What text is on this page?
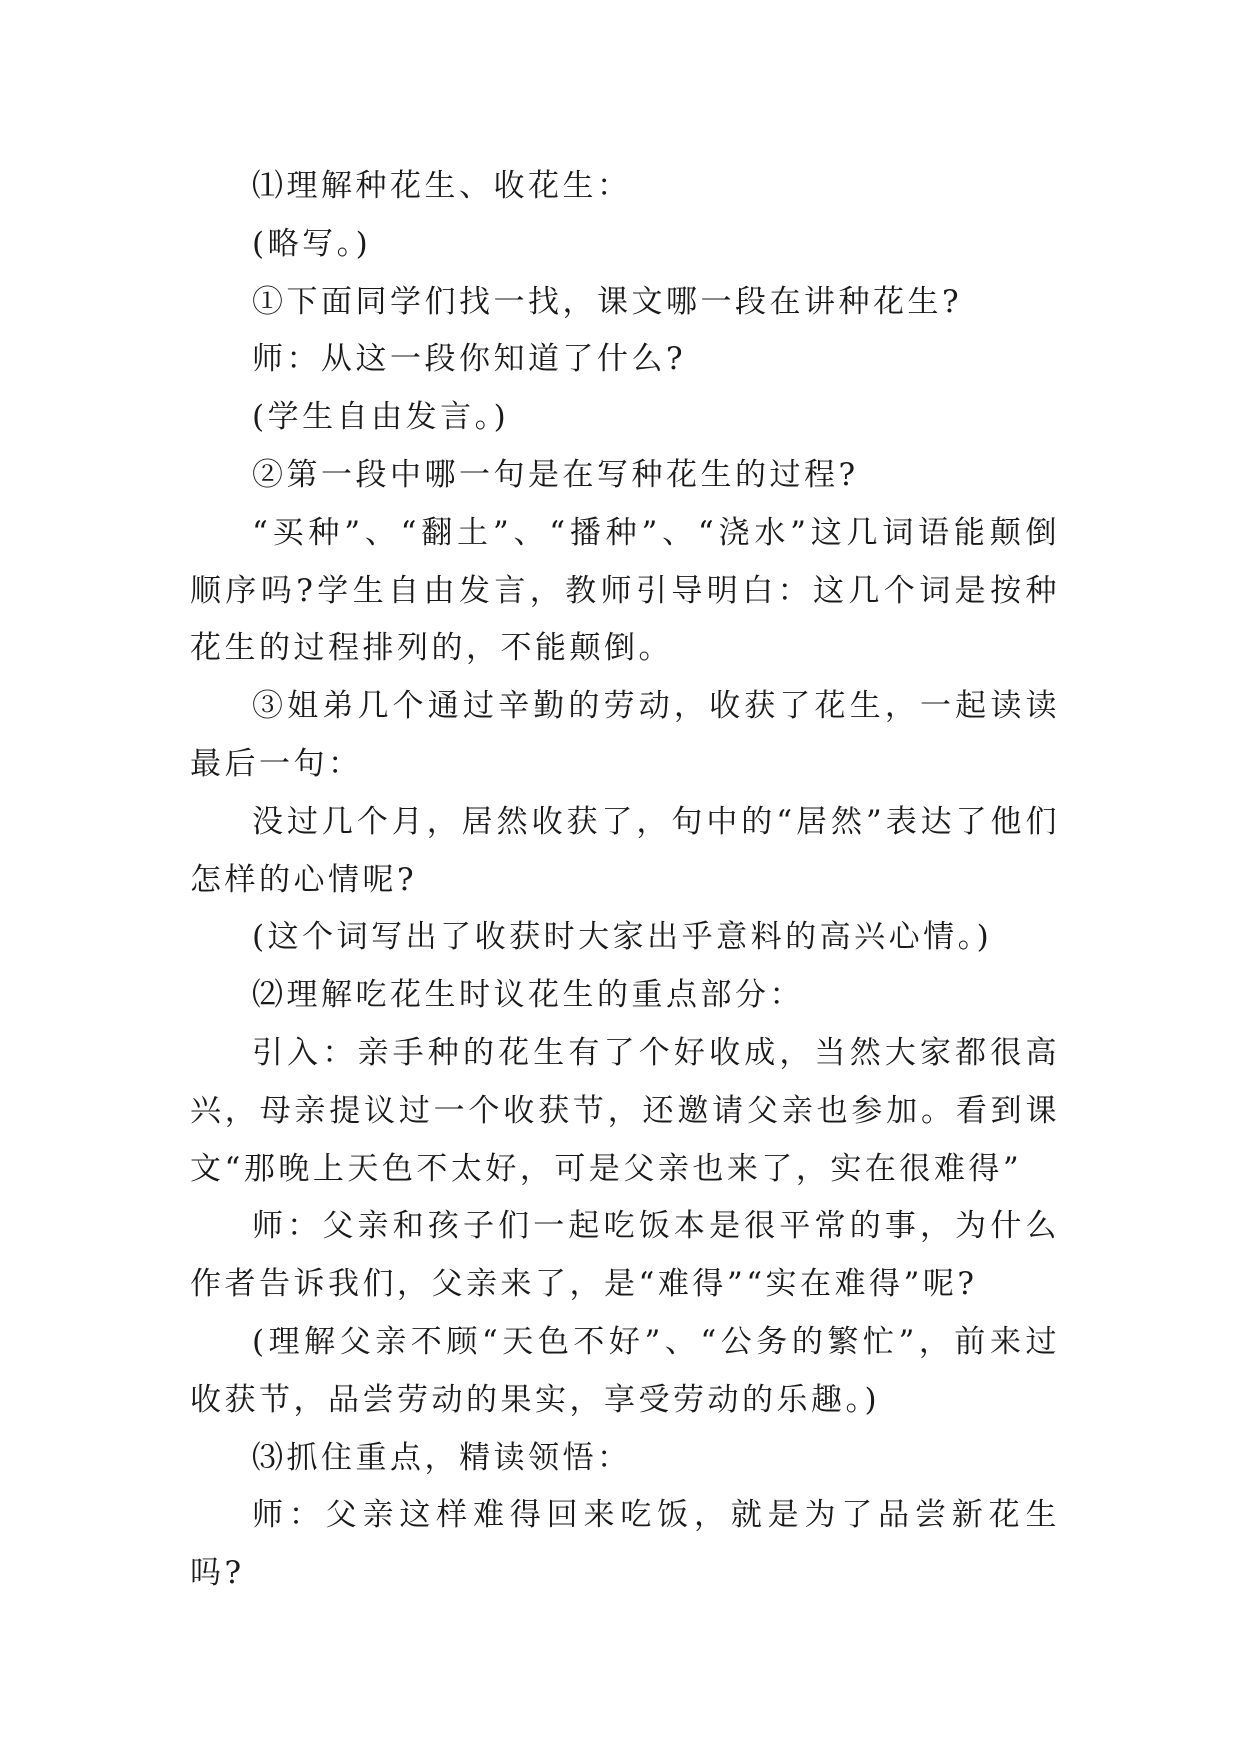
⑴理解种花生、收花生：

(略写。)

①下面同学们找一找，课文哪一段在讲种花生?

师：从这一段你知道了什么?

(学生自由发言。)

②第一段中哪一句是在写种花生的过程?

“买种”、“翻土”、“播种”、“浇水”这几词语能颠倒顺序吗?学生自由发言，教师引导明白：这几个词是按种花生的过程排列的，不能颠倒。

③姐弟几个通过辛勤的劳动，收获了花生，一起读读最后一句：

没过几个月，居然收获了，句中的“居然”表达了他们怎样的心情呢?

(这个词写出了收获时大家出乎意料的高兴心情。)

⑵理解吃花生时议花生的重点部分：

引入：亲手种的花生有了个好收成，当然大家都很高兴，母亲提议过一个收获节，还邀请父亲也参加。看到课文“那晚上天色不太好，可是父亲也来了，实在很难得”

师：父亲和孩子们一起吃饭本是很平常的事，为什么作者告诉我们，父亲来了，是“难得”“实在难得”呢?

(理解父亲不顾“天色不好”、“公务的繁忙”，前来过收获节，品尝劳动的果实，享受劳动的乐趣。)

⑶抓住重点，精读领悟：

师：父亲这样难得回来吃饭，就是为了品尝新花生吗?
